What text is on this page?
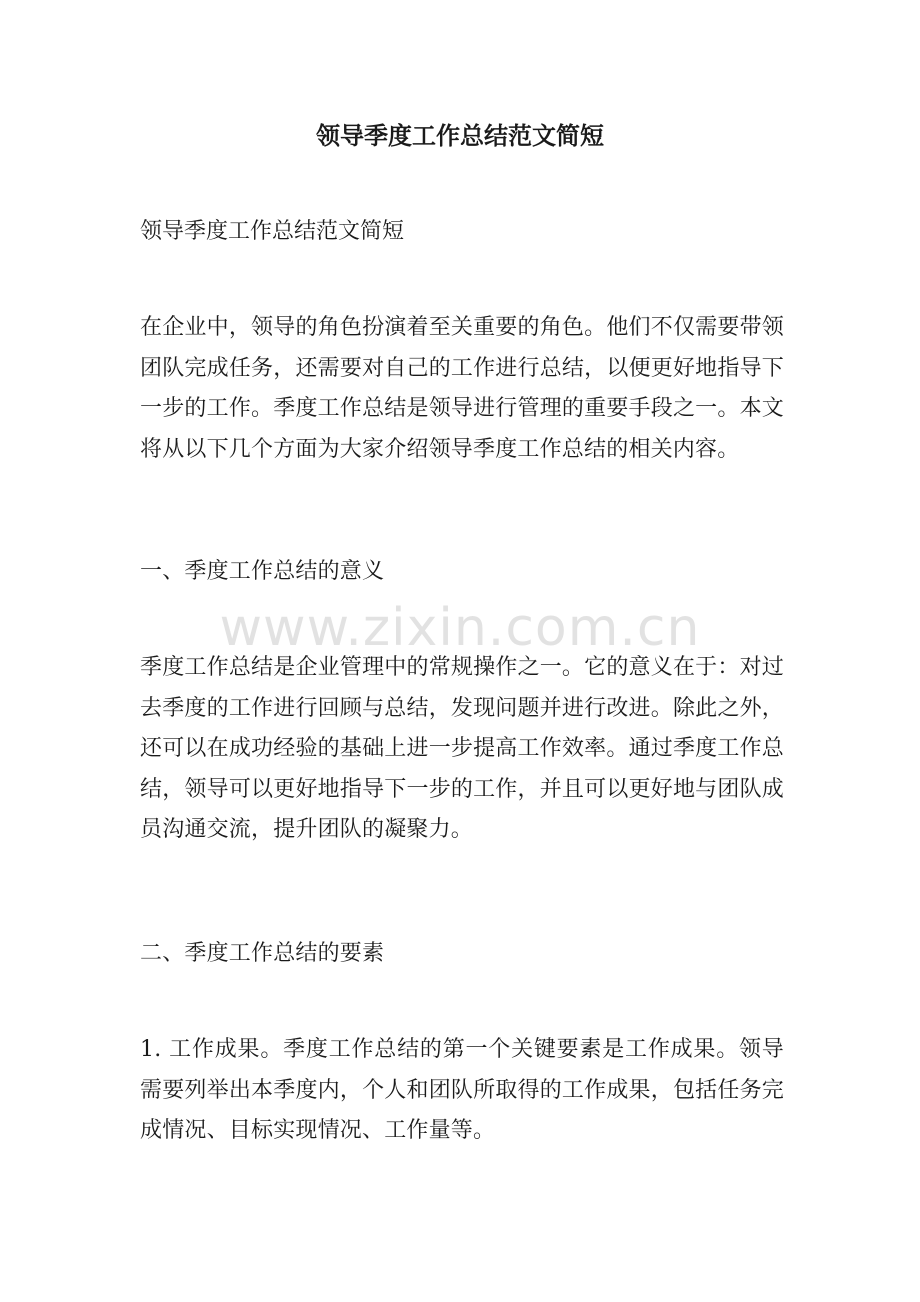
领导季度工作总结范文简短

领导季度工作总结范文简短

在企业中，领导的角色扮演着至关重要的角色。他们不仅需要带领团队完成任务，还需要对自己的工作进行总结，以便更好地指导下一步的工作。季度工作总结是领导进行管理的重要手段之一。本文将从以下几个方面为大家介绍领导季度工作总结的相关内容。

一、季度工作总结的意义

季度工作总结是企业管理中的常规操作之一。它的意义在于：对过去季度的工作进行回顾与总结，发现问题并进行改进。除此之外，还可以在成功经验的基础上进一步提高工作效率。通过季度工作总结，领导可以更好地指导下一步的工作，并且可以更好地与团队成员沟通交流，提升团队的凝聚力。

二、季度工作总结的要素

1. 工作成果。季度工作总结的第一个关键要素是工作成果。领导需要列举出本季度内，个人和团队所取得的工作成果，包括任务完成情况、目标实现情况、工作量等。

www.zixin.com.cn
